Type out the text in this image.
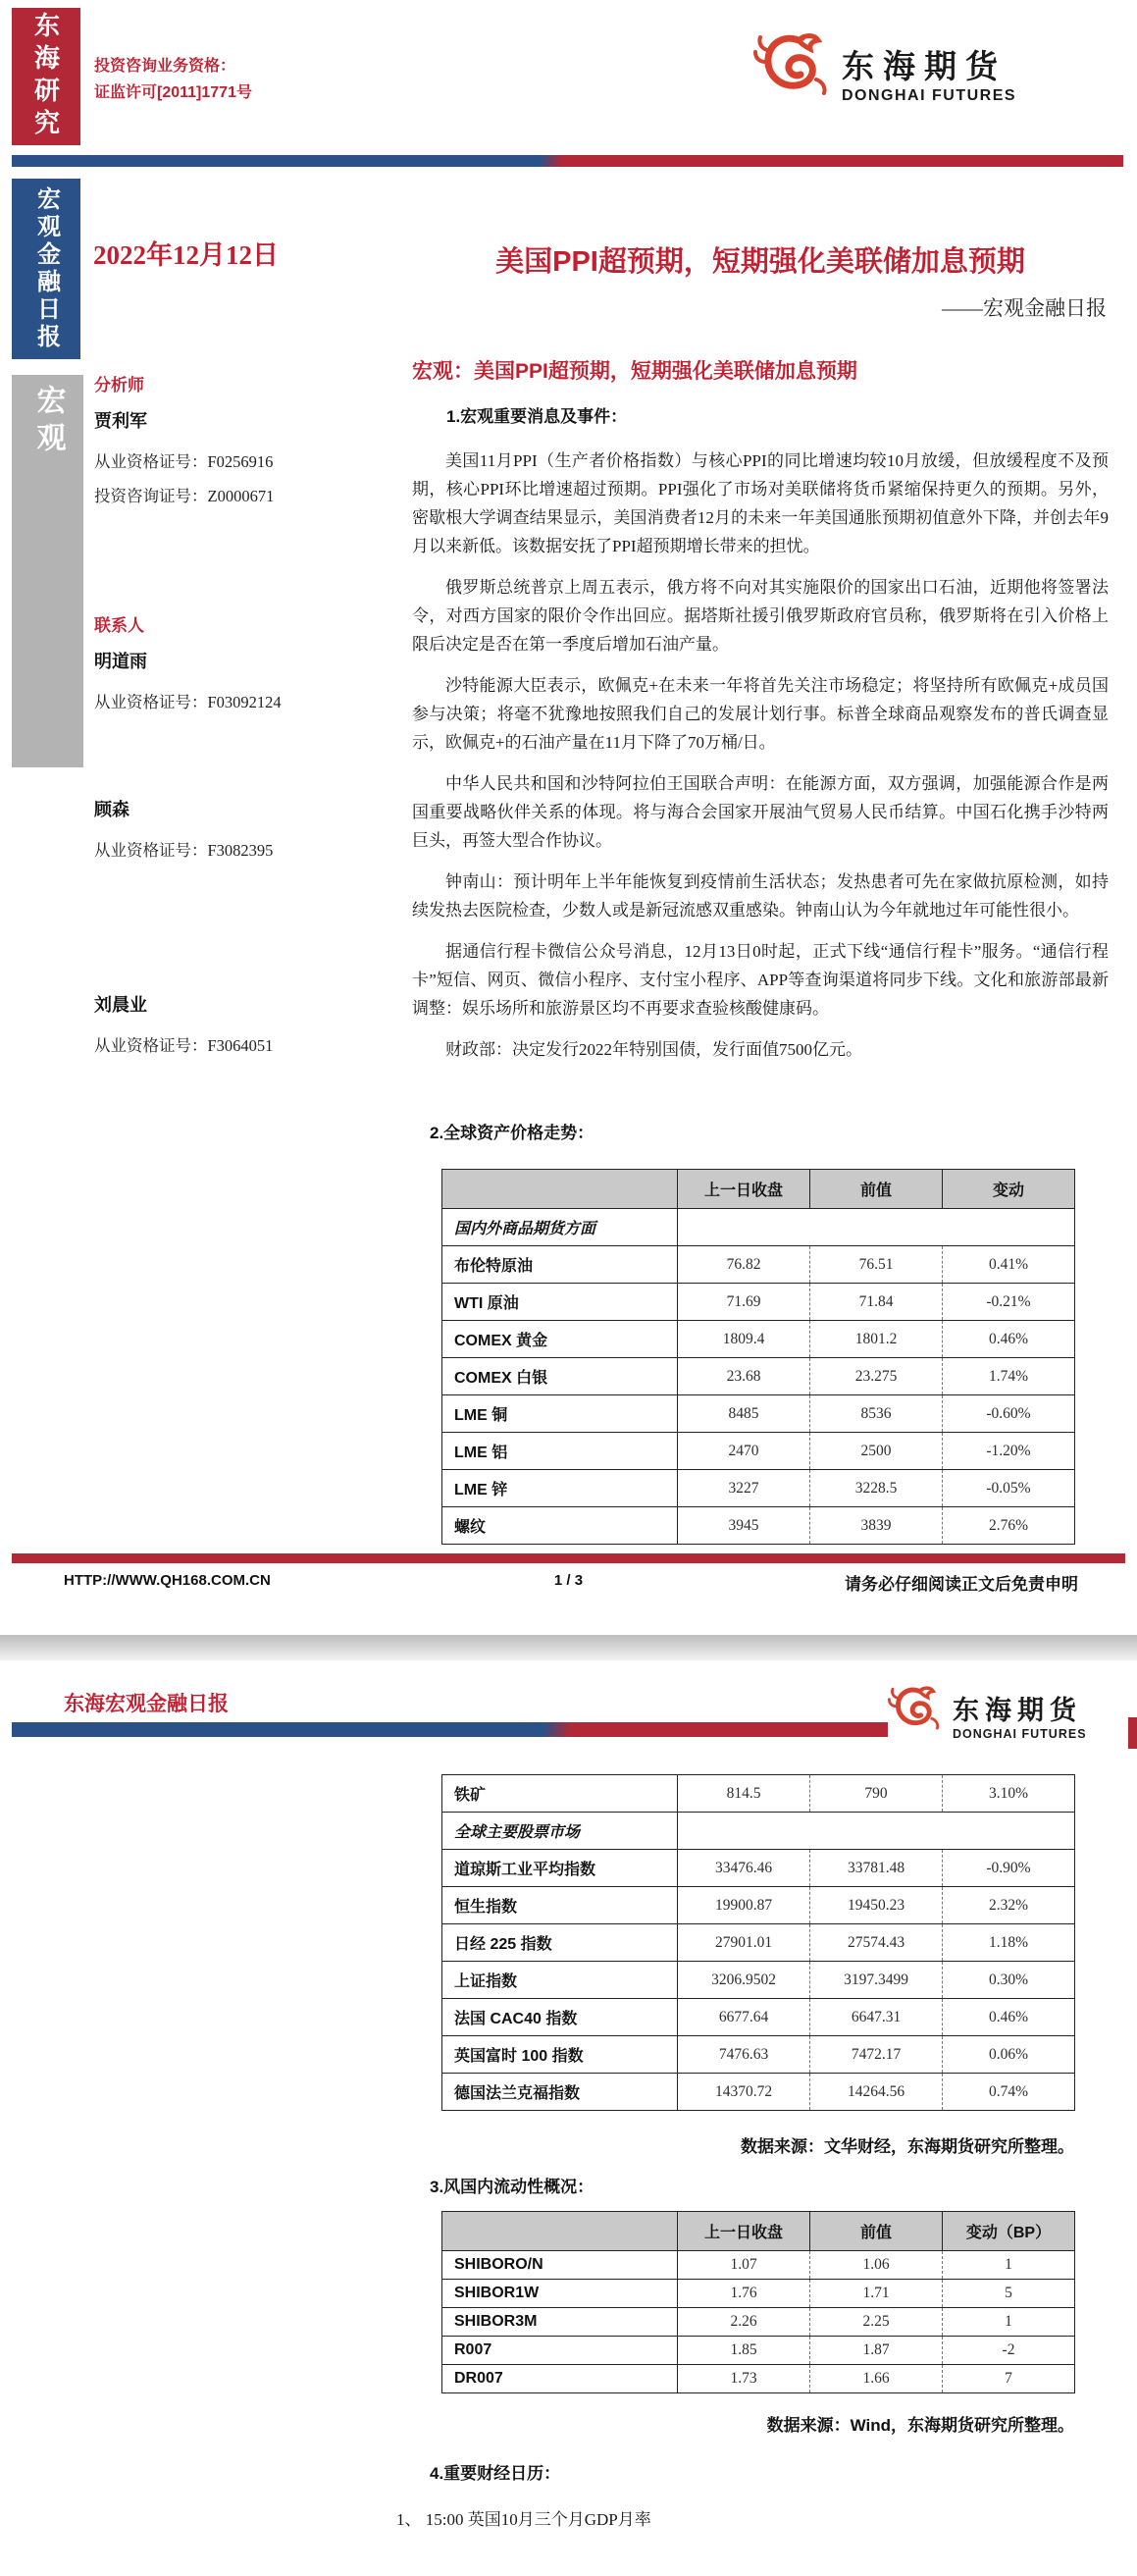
东海研究 投资咨询业务资格：
证监许可[2011]1771号
东海期货
DONGHAI FUTURES
宏观金融日报
宏观
2022年12月12日	美国PPI超预期，短期强化美联储加息预期
——宏观金融日报
分析师
贾利军
从业资格证号：F0256916
投资咨询证号：Z0000671
联系人
明道雨
从业资格证号：F03092124
顾森
从业资格证号：F3082395
刘晨业
从业资格证号：F3064051
宏观：美国PPI超预期，短期强化美联储加息预期
1.宏观重要消息及事件：

美国11月PPI（生产者价格指数）与核心PPI的同比增速均较10月放缓，但放缓程度不及预期，核心PPI环比增速超过预期。PPI强化了市场对美联储将货币紧缩保持更久的预期。另外，密歇根大学调查结果显示，美国消费者12月的未来一年美国通胀预期初值意外下降，并创去年9月以来新低。该数据安抚了PPI超预期增长带来的担忧。

俄罗斯总统普京上周五表示，俄方将不向对其实施限价的国家出口石油，近期他将签署法令，对西方国家的限价令作出回应。据塔斯社援引俄罗斯政府官员称，俄罗斯将在引入价格上限后决定是否在第一季度后增加石油产量。

沙特能源大臣表示，欧佩克+在未来一年将首先关注市场稳定；将坚持所有欧佩克+成员国参与决策；将毫不犹豫地按照我们自己的发展计划行事。标普全球商品观察发布的普氏调查显示，欧佩克+的石油产量在11月下降了70万桶/日。

中华人民共和国和沙特阿拉伯王国联合声明：在能源方面，双方强调，加强能源合作是两国重要战略伙伴关系的体现。将与海合会国家开展油气贸易人民币结算。中国石化携手沙特两巨头，再签大型合作协议。

钟南山：预计明年上半年能恢复到疫情前生活状态；发热患者可先在家做抗原检测，如持续发热去医院检查，少数人或是新冠流感双重感染。钟南山认为今年就地过年可能性很小。

据通信行程卡微信公众号消息，12月13日0时起，正式下线“通信行程卡”服务。“通信行程卡”短信、网页、微信小程序、支付宝小程序、APP等查询渠道将同步下线。文化和旅游部最新调整：娱乐场所和旅游景区均不再要求查验核酸健康码。

财政部：决定发行2022年特别国债，发行面值7500亿元。

2.全球资产价格走势：
	上一日收盘	前值	变动
国内外商品期货方面			
布伦特原油	76.82	76.51	0.41%
WTI 原油	71.69	71.84	-0.21%
COMEX 黄金	1809.4	1801.2	0.46%
COMEX 白银	23.68	23.275	1.74%
LME 铜	8485	8536	-0.60%
LME 铝	2470	2500	-1.20%
LME 锌	3227	3228.5	-0.05%
螺纹	3945	3839	2.76%
HTTP://WWW.QH168.COM.CN	1 / 3	请务必仔细阅读正文后免责申明
东海宏观金融日报	东海期货
DONGHAI FUTURES
铁矿	814.5	790	3.10%
全球主要股票市场			
道琼斯工业平均指数	33476.46	33781.48	-0.90%
恒生指数	19900.87	19450.23	2.32%
日经 225 指数	27901.01	27574.43	1.18%
上证指数	3206.9502	3197.3499	0.30%
法国 CAC40 指数	6677.64	6647.31	0.46%
英国富时 100 指数	7476.63	7472.17	0.06%
德国法兰克福指数	14370.72	14264.56	0.74%
数据来源：文华财经，东海期货研究所整理。
3.风国内流动性概况：
	上一日收盘	前值	变动（BP）
SHIBORO/N	1.07	1.06	1
SHIBOR1W	1.76	1.71	5
SHIBOR3M	2.26	2.25	1
R007	1.85	1.87	-2
DR007	1.73	1.66	7
数据来源：Wind，东海期货研究所整理。
4.重要财经日历：
1、 15:00 英国10月三个月GDP月率
